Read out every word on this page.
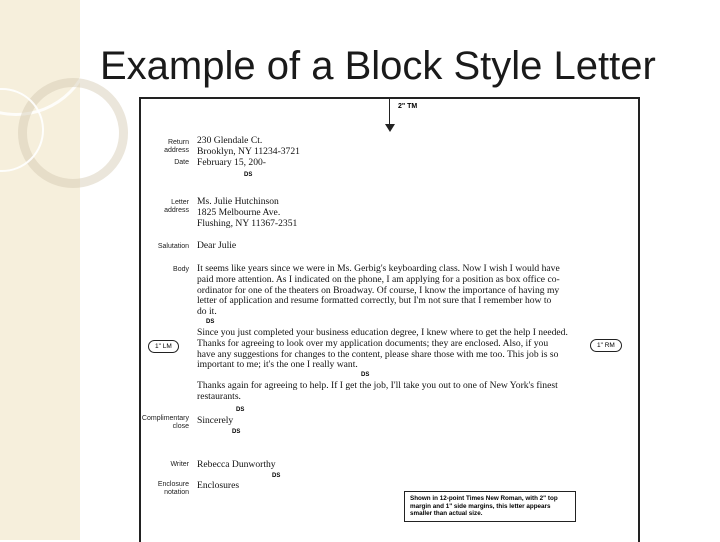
Example of a Block Style Letter
2" TM
Return
address
Date
Letter
address
Salutation
Body
Complimentary
close
Writer
Enclosure
notation
230 Glendale Ct.
Brooklyn, NY 11234-3721
February 15, 200-
DS
Ms. Julie Hutchinson
1825 Melbourne Ave.
Flushing, NY 11367-2351
Dear Julie
It seems like years since we were in Ms. Gerbig's keyboarding class. Now I wish I would have
paid more attention. As I indicated on the phone, I am applying for a position as box office co-
ordinator for one of the theaters on Broadway. Of course, I know the importance of having my
letter of application and resume formatted correctly, but I'm not sure that I remember how to
do it.
DS
Since you just completed your business education degree, I knew where to get the help I needed.
Thanks for agreeing to look over my application documents; they are enclosed. Also, if you
have any suggestions for changes to the content, please share those with me too. This job is so
important to me; it's the one I really want.
DS
Thanks again for agreeing to help. If I get the job, I'll take you out to one of New York's finest
restaurants.
DS
Sincerely
DS
Rebecca Dunworthy
DS
Enclosures
1" LM	1" RM
Shown in 12-point Times New Roman, with 2" top margin and 1" side margins, this letter appears smaller than actual size.
